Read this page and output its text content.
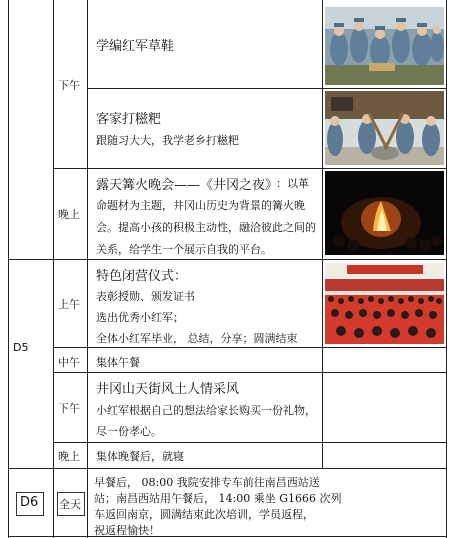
下午
学编红军草鞋
客家打糍粑
跟随习大大，我学老乡打糍粑
晚上
露天篝火晚会——《井冈之夜》
：以革
命题材为主题，井冈山历史为背景的篝火晚
会。提高小孩的积极主动性，融洽彼此之间的
关系，给学生一个展示自我的平台。
D5
上午
特色闭营仪式：
表彰授勋、颁发证书
选出优秀小红军；
全体小红军毕业， 总结，分享；圆满结束
中午 集体午餐
下午
井冈山天街风土人情采风
小红军根据自己的想法给家长购买一份礼物，
尽一份孝心。
晚上 集体晚餐后，就寝
D6 全天
早餐后， 08:00 我院安排专车前往南昌西站送
站；南昌西站用午餐后， 14:00 乘坐 G1666 次列
车返回南京，圆满结束此次培训，学员返程，
祝返程愉快！
